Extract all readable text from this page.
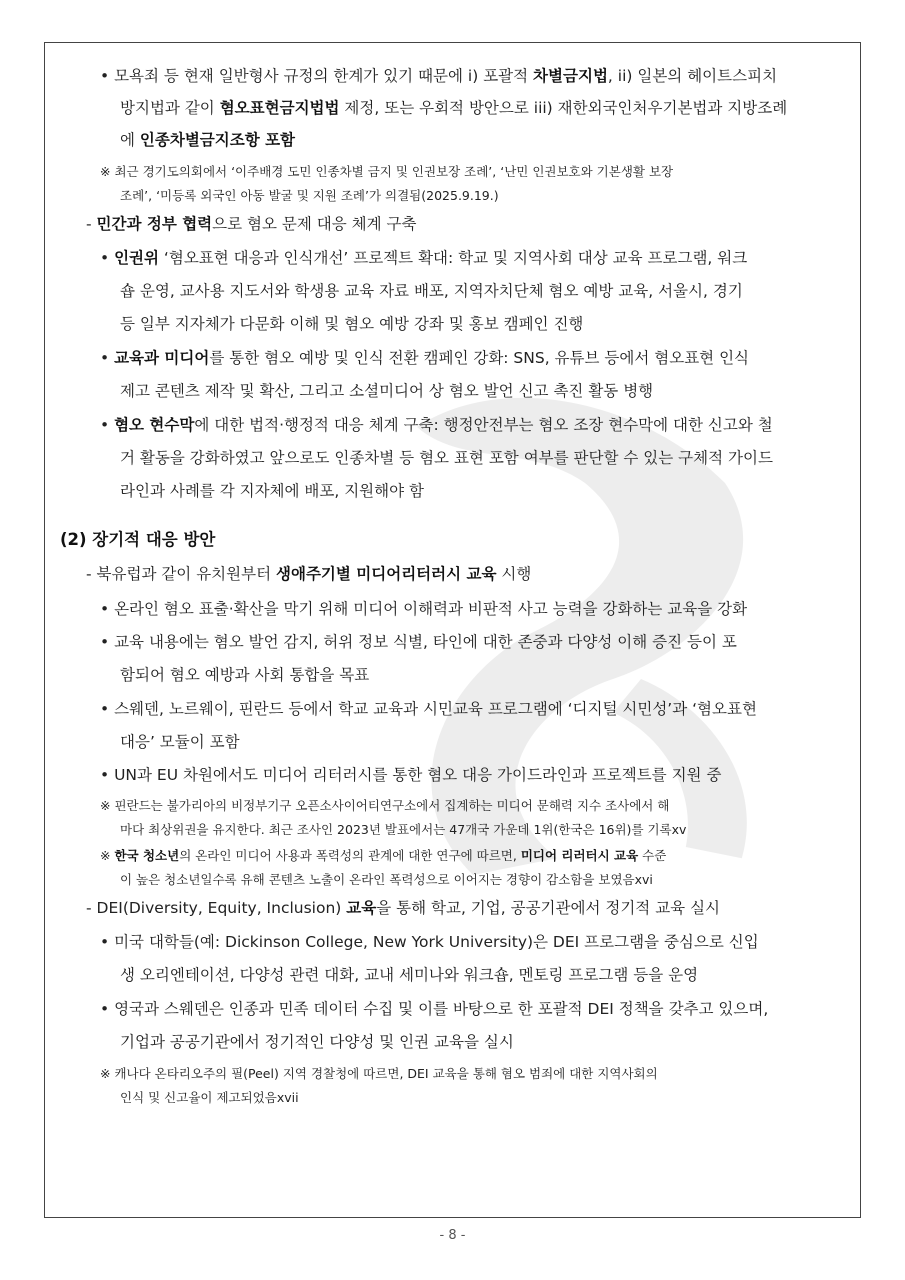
• 모욕죄 등 현재 일반형사 규정의 한계가 있기 때문에 i) 포괄적 차별금지법, ii) 일본의 헤이트스피치
방지법과 같이 혐오표현금지법법 제정, 또는 우회적 방안으로 iii) 재한외국인처우기본법과 지방조례
에 인종차별금지조항 포함
※ 최근 경기도의회에서 ‘이주배경 도민 인종차별 금지 및 인권보장 조례’, ‘난민 인권보호와 기본생활 보장
조례’, ‘미등록 외국인 아동 발굴 및 지원 조례’가 의결됨(2025.9.19.)
- 민간과 정부 협력으로 혐오 문제 대응 체계 구축
• 인권위 ‘혐오표현 대응과 인식개선’ 프로젝트 확대: 학교 및 지역사회 대상 교육 프로그램, 워크
숍 운영, 교사용 지도서와 학생용 교육 자료 배포, 지역자치단체 혐오 예방 교육, 서울시, 경기
등 일부 지자체가 다문화 이해 및 혐오 예방 강좌 및 홍보 캠페인 진행
• 교육과 미디어를 통한 혐오 예방 및 인식 전환 캠페인 강화: SNS, 유튜브 등에서 혐오표현 인식
제고 콘텐츠 제작 및 확산, 그리고 소셜미디어 상 혐오 발언 신고 촉진 활동 병행
• 혐오 현수막에 대한 법적·행정적 대응 체계 구축: 행정안전부는 혐오 조장 현수막에 대한 신고와 철
거 활동을 강화하였고 앞으로도 인종차별 등 혐오 표현 포함 여부를 판단할 수 있는 구체적 가이드
라인과 사례를 각 지자체에 배포, 지원해야 함
(2) 장기적 대응 방안
- 북유럽과 같이 유치원부터 생애주기별 미디어리터러시 교육 시행
• 온라인 혐오 표출·확산을 막기 위해 미디어 이해력과 비판적 사고 능력을 강화하는 교육을 강화
• 교육 내용에는 혐오 발언 감지, 허위 정보 식별, 타인에 대한 존중과 다양성 이해 증진 등이 포
함되어 혐오 예방과 사회 통합을 목표
• 스웨덴, 노르웨이, 핀란드 등에서 학교 교육과 시민교육 프로그램에 ‘디지털 시민성’과 ‘혐오표현
대응’ 모듈이 포함
• UN과 EU 차원에서도 미디어 리터러시를 통한 혐오 대응 가이드라인과 프로젝트를 지원 중
※ 핀란드는 불가리아의 비정부기구 오픈소사이어티연구소에서 집계하는 미디어 문해력 지수 조사에서 해
마다 최상위권을 유지한다. 최근 조사인 2023년 발표에서는 47개국 가운데 1위(한국은 16위)를 기록xv
※ 한국 청소년의 온라인 미디어 사용과 폭력성의 관계에 대한 연구에 따르면, 미디어 리러터시 교육 수준
이 높은 청소년일수록 유해 콘텐츠 노출이 온라인 폭력성으로 이어지는 경향이 감소함을 보였음xvi
- DEI(Diversity, Equity, Inclusion) 교육을 통해 학교, 기업, 공공기관에서 정기적 교육 실시
• 미국 대학들(예: Dickinson College, New York University)은 DEI 프로그램을 중심으로 신입
생 오리엔테이션, 다양성 관련 대화, 교내 세미나와 워크숍, 멘토링 프로그램 등을 운영
• 영국과 스웨덴은 인종과 민족 데이터 수집 및 이를 바탕으로 한 포괄적 DEI 정책을 갖추고 있으며,
기업과 공공기관에서 정기적인 다양성 및 인권 교육을 실시
※ 캐나다 온타리오주의 필(Peel) 지역 경찰청에 따르면, DEI 교육을 통해 혐오 범죄에 대한 지역사회의
인식 및 신고율이 제고되었음xvii
- 8 -
